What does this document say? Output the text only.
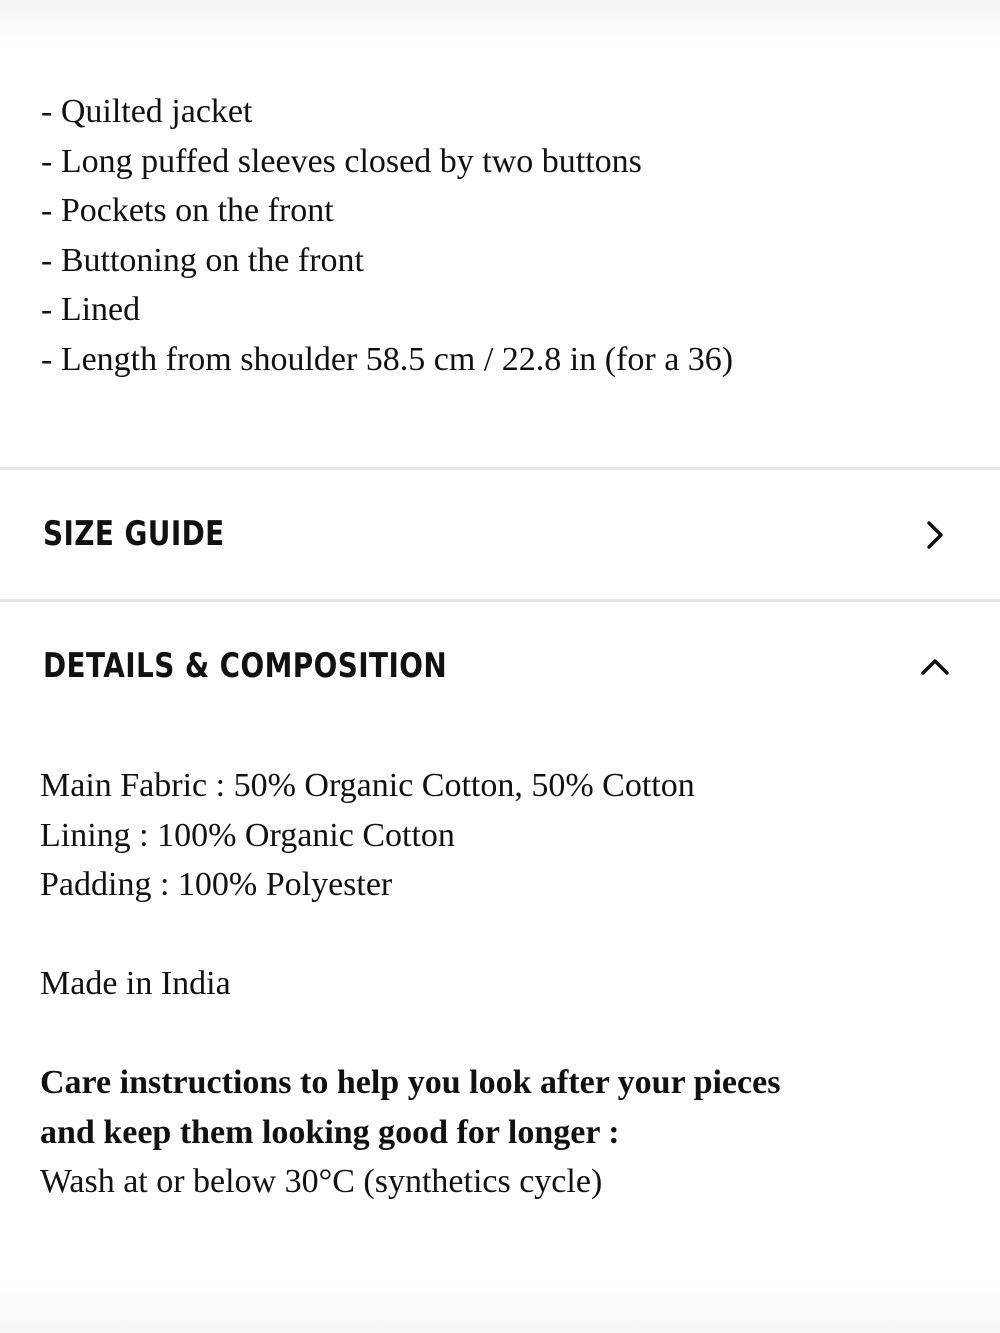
- Quilted jacket
- Long puffed sleeves closed by two buttons
- Pockets on the front
- Buttoning on the front
- Lined
- Length from shoulder 58.5 cm / 22.8 in (for a 36)
SIZE GUIDE
DETAILS & COMPOSITION

Main Fabric : 50% Organic Cotton, 50% Cotton

Lining : 100% Organic Cotton

Padding : 100% Polyester

Made in India

Care instructions to help you look after your pieces

and keep them looking good for longer :

Wash at or below 30°C (synthetics cycle)
